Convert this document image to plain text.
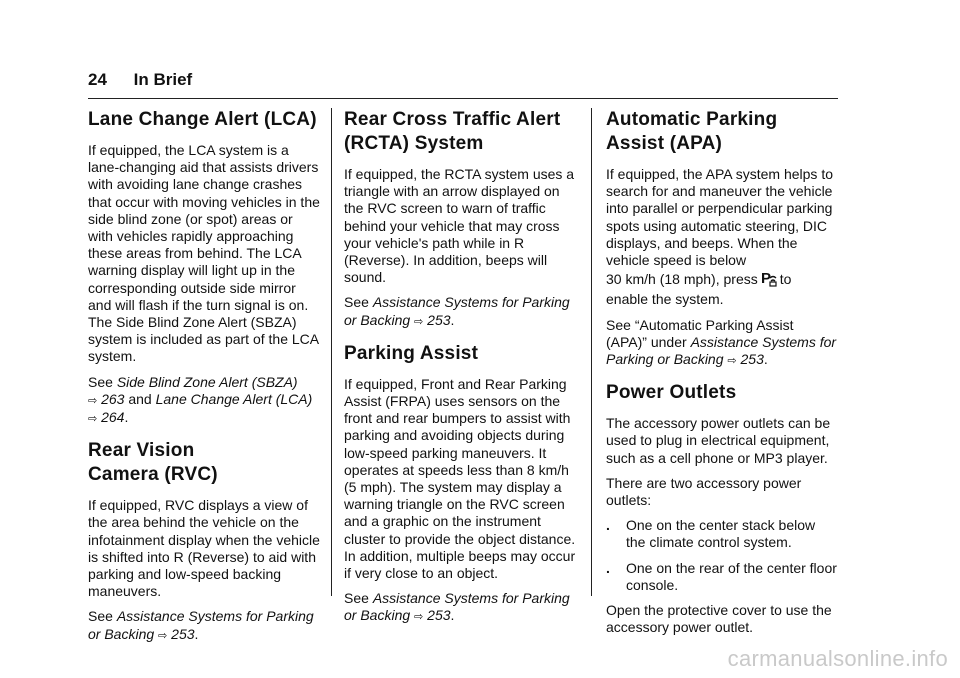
24 In Brief
Lane Change Alert (LCA)

If equipped, the LCA system is a lane-changing aid that assists drivers with avoiding lane change crashes that occur with moving vehicles in the side blind zone (or spot) areas or with vehicles rapidly approaching these areas from behind. The LCA warning display will light up in the corresponding outside side mirror and will flash if the turn signal is on. The Side Blind Zone Alert (SBZA) system is included as part of the LCA system.

See Side Blind Zone Alert (SBZA)
⇨ 263 and Lane Change Alert (LCA) ⇨ 264.

Rear Vision
Camera (RVC)

If equipped, RVC displays a view of the area behind the vehicle on the infotainment display when the vehicle is shifted into R (Reverse) to aid with parking and low-speed backing maneuvers.

See Assistance Systems for Parking or Backing ⇨ 253.

Rear Cross Traffic Alert
(RCTA) System

If equipped, the RCTA system uses a triangle with an arrow displayed on the RVC screen to warn of traffic behind your vehicle that may cross your vehicle's path while in R (Reverse). In addition, beeps will sound.

See Assistance Systems for Parking or Backing ⇨ 253.

Parking Assist

If equipped, Front and Rear Parking Assist (FRPA) uses sensors on the front and rear bumpers to assist with parking and avoiding objects during low-speed parking maneuvers. It operates at speeds less than 8 km/h (5 mph). The system may display a warning triangle on the RVC screen and a graphic on the instrument cluster to provide the object distance. In addition, multiple beeps may occur if very close to an object.

See Assistance Systems for Parking or Backing ⇨ 253.

Automatic Parking
Assist (APA)

If equipped, the APA system helps to search for and maneuver the vehicle into parallel or perpendicular parking spots using automatic steering, DIC displays, and beeps. When the vehicle speed is below
30 km/h (18 mph), press P to
enable the system.

See “Automatic Parking Assist (APA)” under Assistance Systems for Parking or Backing ⇨ 253.

Power Outlets

The accessory power outlets can be used to plug in electrical equipment, such as a cell phone or MP3 player.

There are two accessory power outlets:

.	One on the center stack below the climate control system.
.	One on the rear of the center floor console.

Open the protective cover to use the accessory power outlet.

carmanualsonline.info
